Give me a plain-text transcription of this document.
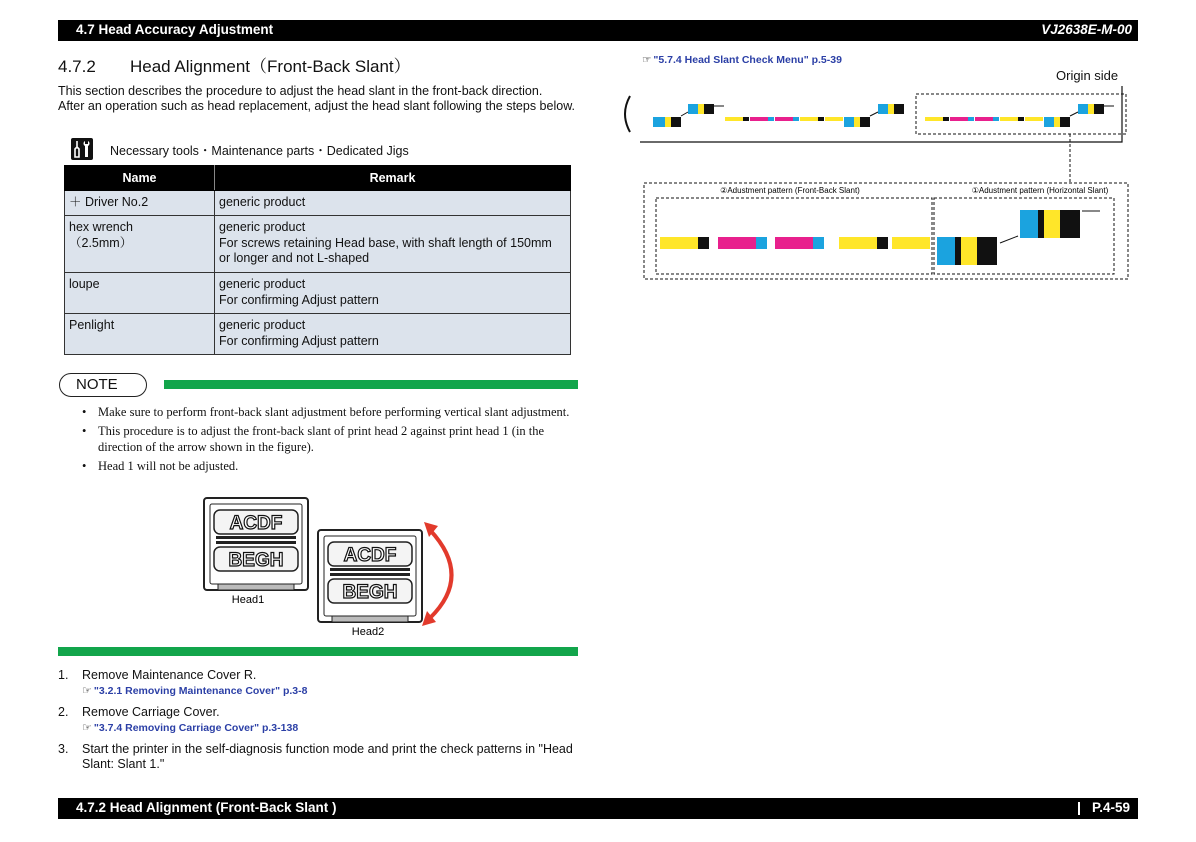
4.7 Head Accuracy Adjustment	VJ2638E-M-00
4.7.2 Head Alignment（Front-Back Slant）
This section describes the procedure to adjust the head slant in the front-back direction.
After an operation such as head replacement, adjust the head slant following the steps below.
Necessary tools・Maintenance parts・Dedicated Jigs
Name	Remark

＋ Driver No.2	generic product

hex wrench
（2.5mm）	generic product
For screws retaining Head base, with shaft length of 150mm
or longer and not L-shaped

loupe	generic product
For confirming Adjust pattern

Penlight	generic product
For confirming Adjust pattern
NOTE
• Make sure to perform front-back slant adjustment before performing vertical slant adjustment.
• This procedure is to adjust the front-back slant of print head 2 against print head 1 (in the direction of the arrow shown in the figure).
• Head 1 will not be adjusted.
ACDF
BEGH
Head1
ACDF
BEGH
Head2
1. Remove Maintenance Cover R.
☞ "3.2.1 Removing Maintenance Cover" p.3-8
2. Remove Carriage Cover.
☞ "3.7.4 Removing Carriage Cover" p.3-138
3. Start the printer in the self-diagnosis function mode and print the check patterns in "Head Slant: Slant 1."
☞ "5.7.4 Head Slant Check Menu" p.5-39
Origin side
②Adustment pattern (Front-Back Slant)	①Adustment pattern (Horizontal Slant)
4.7.2 Head Alignment (Front-Back Slant )	P.4-59
